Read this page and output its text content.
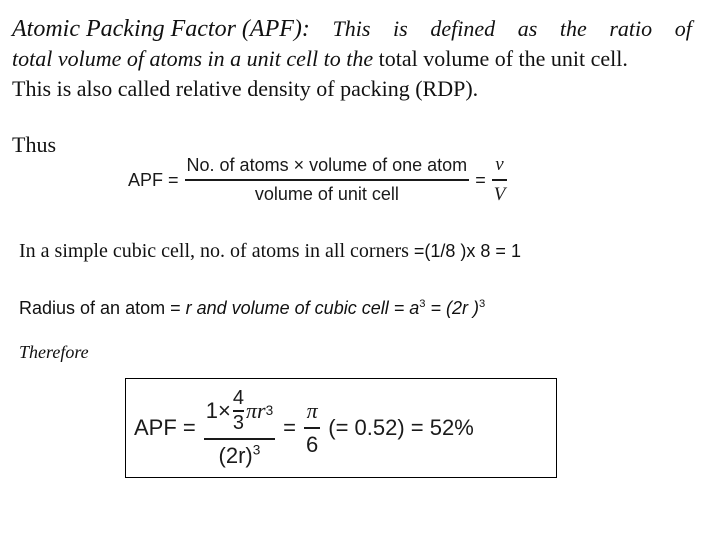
Atomic Packing Factor (APF): This is defined as the ratio of
total volume of atoms in a unit cell to the total volume of the unit cell.
This is also called relative density of packing (RDP).
Thus
APF = $\frac{\text{No. of atoms × volume of one atom}}{\text{volume of unit cell}} = \frac{v}{V}$
In a simple cubic cell, no. of atoms in all corners =(1/8 )x 8 = 1
Radius of an atom = r and volume of cubic cell = $a^3 = (2r$ )$^3$
Therefore
APF =
$1\times \frac{4}{3}$ πr 3
$(2r)^3$
= $\frac{\pi}{6}$ (= 0.52) = 52%
